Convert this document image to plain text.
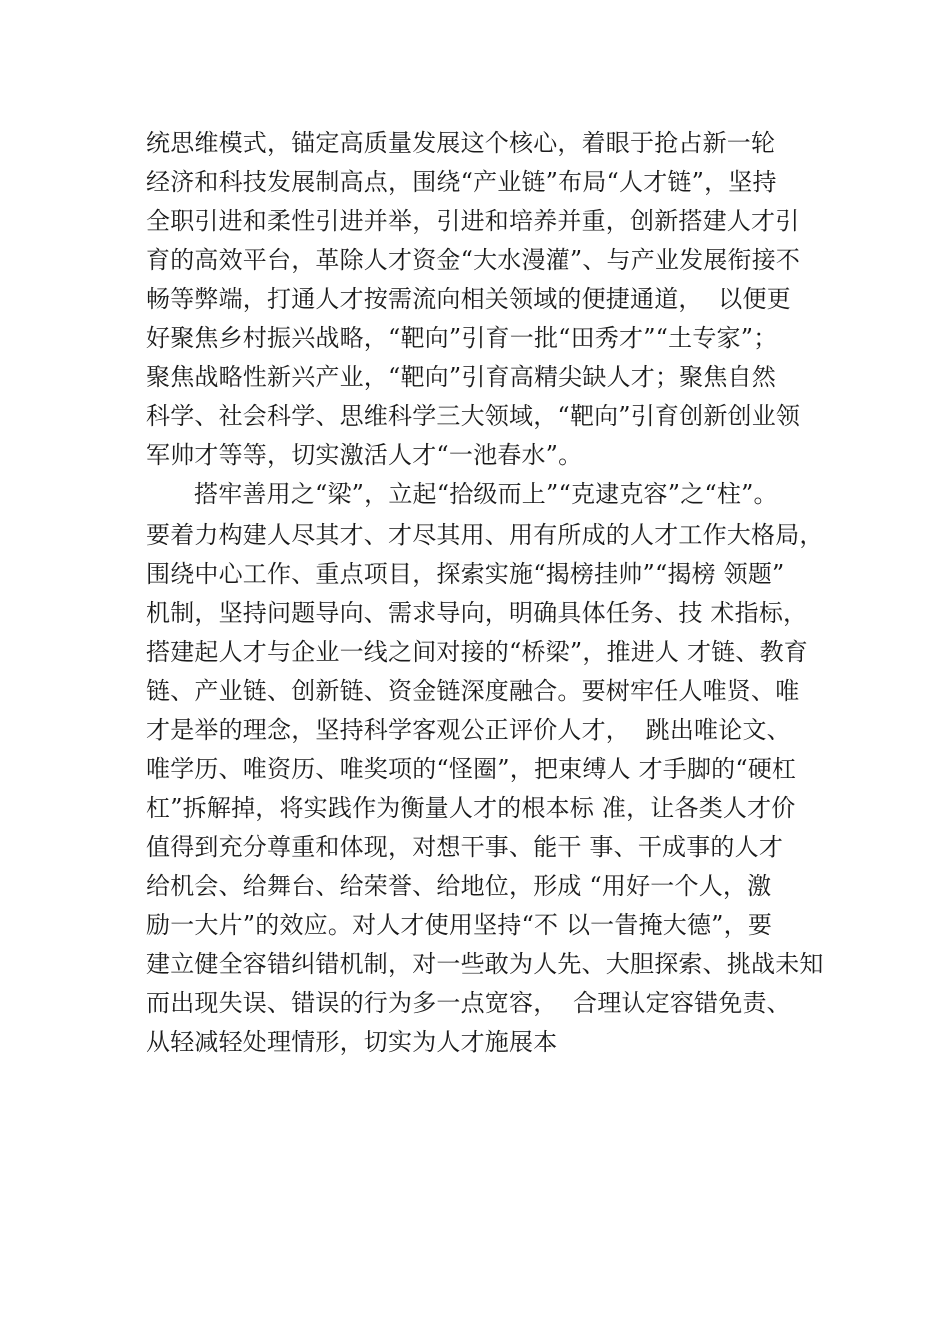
统思维模式，锚定高质量发展这个核心，着眼于抢占新一轮
经济和科技发展制高点，围绕“产业链”布局“人才链”，坚持
全职引进和柔性引进并举，引进和培养并重，创新搭建人才引
育的高效平台，革除人才资金“大水漫灌”、与产业发展衔接不
畅等弊端，打通人才按需流向相关领域的便捷通道，  以便更
好聚焦乡村振兴战略，“靶向”引育一批“田秀才”“土专家”；
聚焦战略性新兴产业，“靶向”引育高精尖缺人才；聚焦自然
科学、社会科学、思维科学三大领域，“靶向”引育创新创业领
军帅才等等，切实激活人才“一池春水”。
搭牢善用之“梁”，立起“拾级而上”“克逮克容”之“柱”。
要着力构建人尽其才、才尽其用、用有所成的人才工作大格局，
围绕中心工作、重点项目，探索实施“揭榜挂帅”“揭榜 领题”
机制，坚持问题导向、需求导向，明确具体任务、技 术指标，
搭建起人才与企业一线之间对接的“桥梁”，推进人 才链、教育
链、产业链、创新链、资金链深度融合。要树牢任人唯贤、唯
才是举的理念，坚持科学客观公正评价人才，  跳出唯论文、
唯学历、唯资历、唯奖项的“怪圈”，把束缚人 才手脚的“硬杠
杠”拆解掉，将实践作为衡量人才的根本标 准，让各类人才价
值得到充分尊重和体现，对想干事、能干 事、干成事的人才
给机会、给舞台、给荣誉、给地位，形成 “用好一个人，激
励一大片”的效应。对人才使用坚持“不 以一眚掩大德”，要
建立健全容错纠错机制，对一些敢为人先、大胆探索、挑战未知
而出现失误、错误的行为多一点宽容，  合理认定容错免责、
从轻减轻处理情形，切实为人才施展本
